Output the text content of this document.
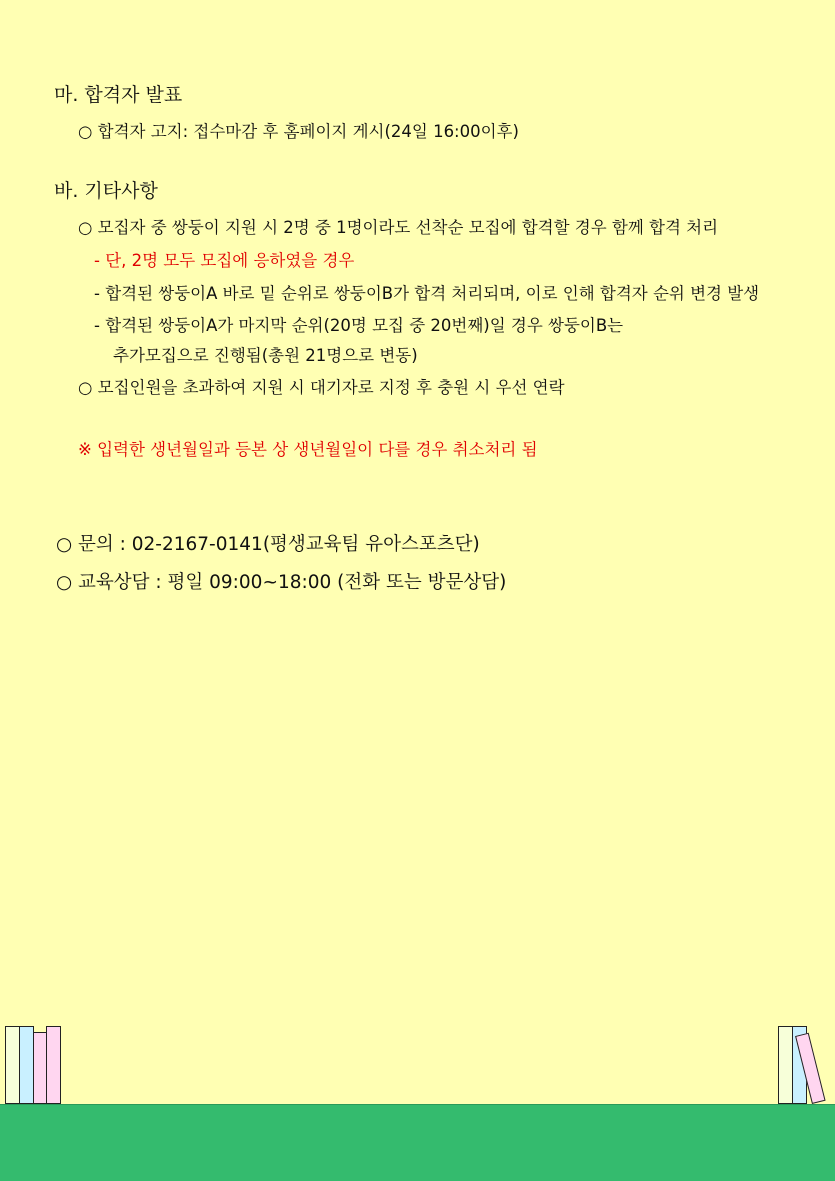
마. 합격자 발표
○ 합격자 고지: 접수마감 후 홈페이지 게시(24일 16:00이후)
바. 기타사항
○ 모집자 중 쌍둥이 지원 시 2명 중 1명이라도 선착순 모집에 합격할 경우 함께 합격 처리
- 단, 2명 모두 모집에 응하였을 경우
- 합격된 쌍둥이A 바로 밑 순위로 쌍둥이B가 합격 처리되며, 이로 인해 합격자 순위 변경 발생
- 합격된 쌍둥이A가 마지막 순위(20명 모집 중 20번째)일 경우 쌍둥이B는
추가모집으로 진행됨(총원 21명으로 변동)
○ 모집인원을 초과하여 지원 시 대기자로 지정 후 충원 시 우선 연락
※ 입력한 생년월일과 등본 상 생년월일이 다를 경우 취소처리 됨
○ 문의 : 02-2167-0141(평생교육팀 유아스포츠단)
○ 교육상담 : 평일 09:00~18:00 (전화 또는 방문상담)
